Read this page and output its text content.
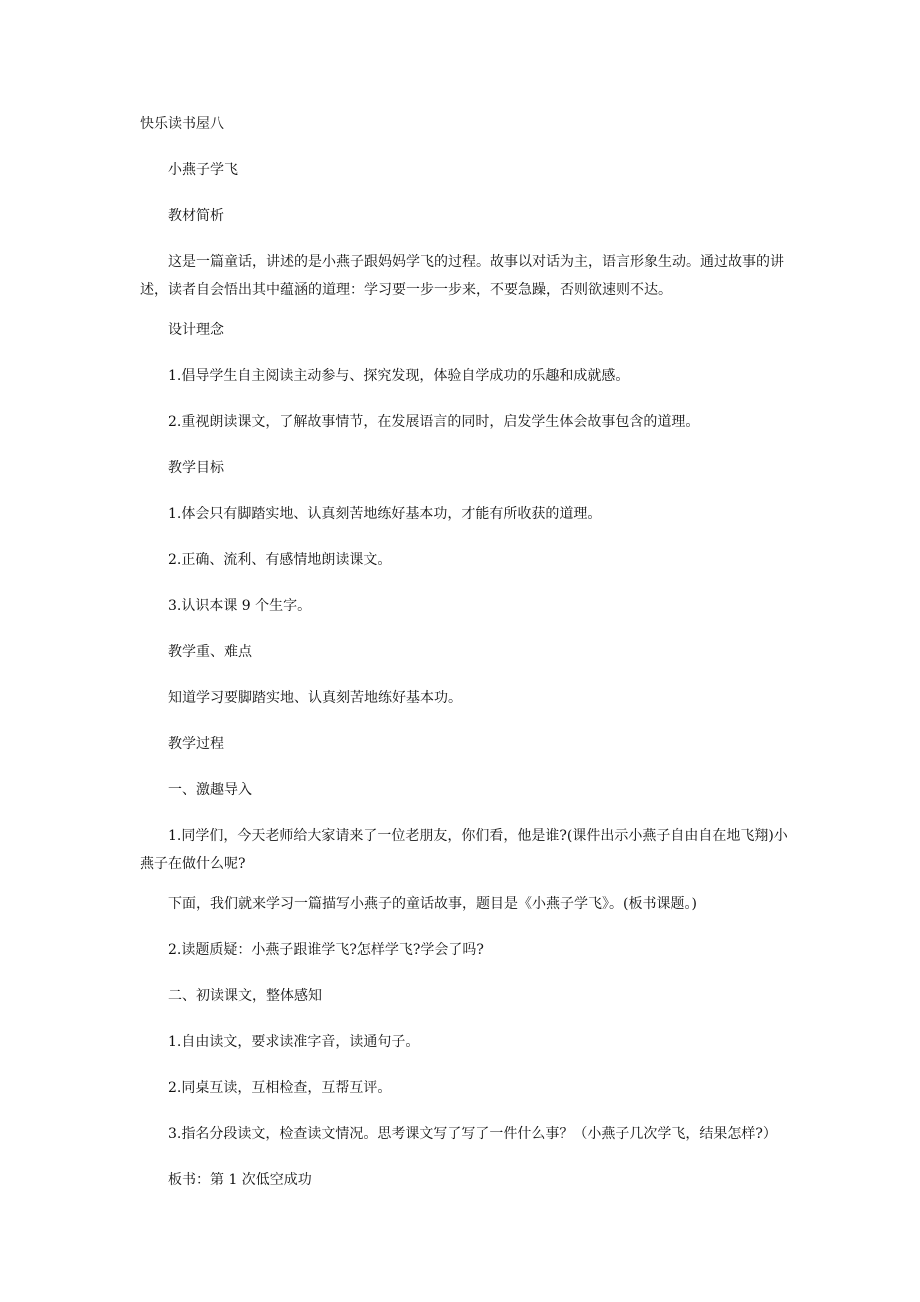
快乐读书屋八
小燕子学飞
教材简析
这是一篇童话，讲述的是小燕子跟妈妈学飞的过程。故事以对话为主，语言形象生动。通过故事的讲述，读者自会悟出其中蕴涵的道理：学习要一步一步来，不要急躁，否则欲速则不达。
设计理念
1.倡导学生自主阅读主动参与、探究发现，体验自学成功的乐趣和成就感。
2.重视朗读课文，了解故事情节，在发展语言的同时，启发学生体会故事包含的道理。
教学目标
1.体会只有脚踏实地、认真刻苦地练好基本功，才能有所收获的道理。
2.正确、流利、有感情地朗读课文。
3.认识本课 9 个生字。
教学重、难点
知道学习要脚踏实地、认真刻苦地练好基本功。
教学过程
一、激趣导入
1.同学们，今天老师给大家请来了一位老朋友，你们看，他是谁?(课件出示小燕子自由自在地飞翔)小燕子在做什么呢?
下面，我们就来学习一篇描写小燕子的童话故事，题目是《小燕子学飞》。(板书课题。)
2.读题质疑：小燕子跟谁学飞?怎样学飞?学会了吗?
二、初读课文，整体感知
1.自由读文，要求读准字音，读通句子。
2.同桌互读，互相检查，互帮互评。
3.指名分段读文，检查读文情况。思考课文写了写了一件什么事？（小燕子几次学飞，结果怎样?）
板书：第 1 次低空成功
